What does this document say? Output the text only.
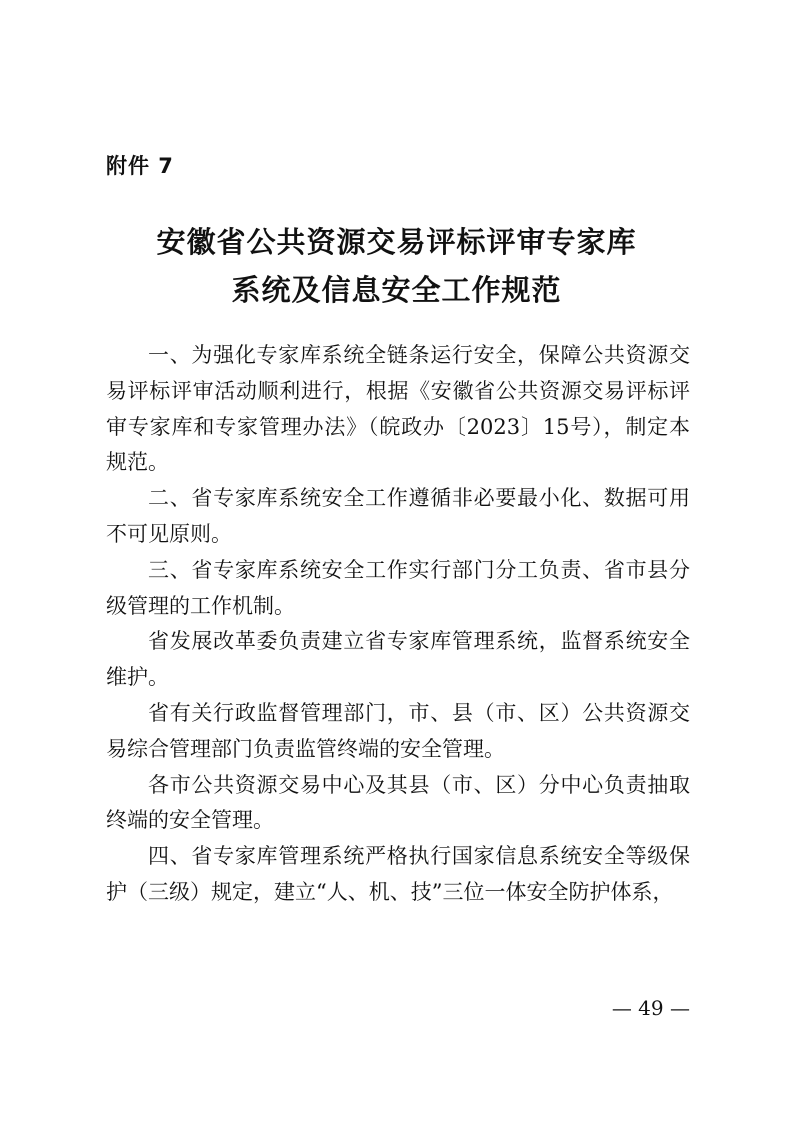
附件 7
安徽省公共资源交易评标评审专家库
系统及信息安全工作规范

一、为强化专家库系统全链条运行安全，保障公共资源交易评标评审活动顺利进行，根据《安徽省公共资源交易评标评审专家库和专家管理办法》（皖政办〔2023〕15号），制定本规范。

二、省专家库系统安全工作遵循非必要最小化、数据可用不可见原则。

三、省专家库系统安全工作实行部门分工负责、省市县分级管理的工作机制。

省发展改革委负责建立省专家库管理系统，监督系统安全维护。

省有关行政监督管理部门，市、县（市、区）公共资源交易综合管理部门负责监管终端的安全管理。

各市公共资源交易中心及其县（市、区）分中心负责抽取终端的安全管理。

四、省专家库管理系统严格执行国家信息系统安全等级保护（三级）规定，建立“人、机、技”三位一体安全防护体系，

— 49 —
